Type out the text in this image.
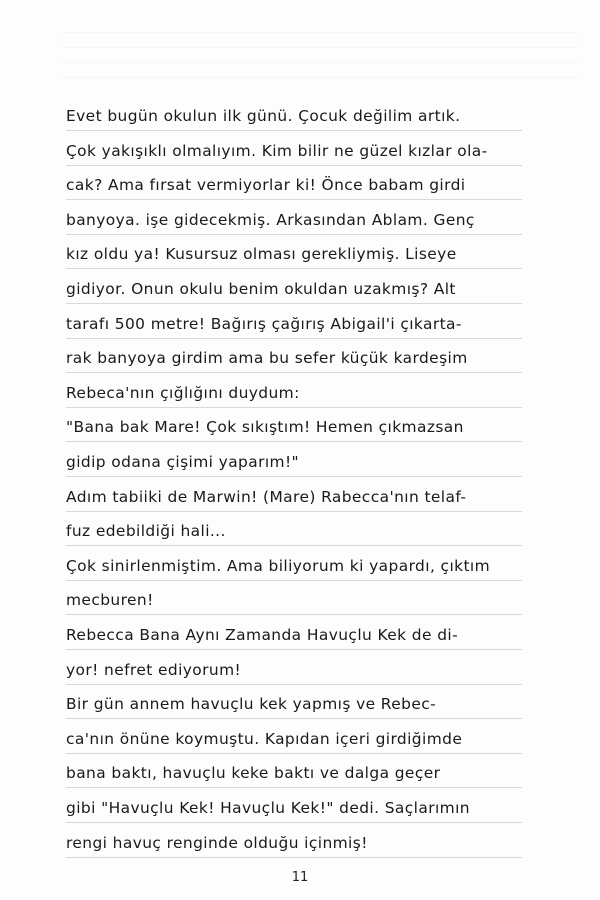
Evet bugün okulun ilk günü. Çocuk değilim artık.
Çok yakışıklı olmalıyım. Kim bilir ne güzel kızlar ola-
cak? Ama fırsat vermiyorlar ki! Önce babam girdi
banyoya. işe gidecekmiş. Arkasından Ablam. Genç
kız oldu ya! Kusursuz olması gerekliymiş. Liseye
gidiyor. Onun okulu benim okuldan uzakmış? Alt
tarafı 500 metre! Bağırış çağırış Abigail'i çıkarta-
rak banyoya girdim ama bu sefer küçük kardeşim
Rebeca'nın çığlığını duydum:
"Bana bak Mare! Çok sıkıştım! Hemen çıkmazsan
gidip odana çişimi yaparım!"
Adım tabiiki de Marwin! (Mare) Rabecca'nın telaf-
fuz edebildiği hali...
Çok sinirlenmiştim. Ama biliyorum ki yapardı, çıktım
mecburen!
Rebecca Bana Aynı Zamanda Havuçlu Kek de di-
yor! nefret ediyorum!
Bir gün annem havuçlu kek yapmış ve Rebec-
ca'nın önüne koymuştu. Kapıdan içeri girdiğimde
bana baktı, havuçlu keke baktı ve dalga geçer
gibi "Havuçlu Kek! Havuçlu Kek!" dedi. Saçlarımın
rengi havuç renginde olduğu içinmiş!
11
